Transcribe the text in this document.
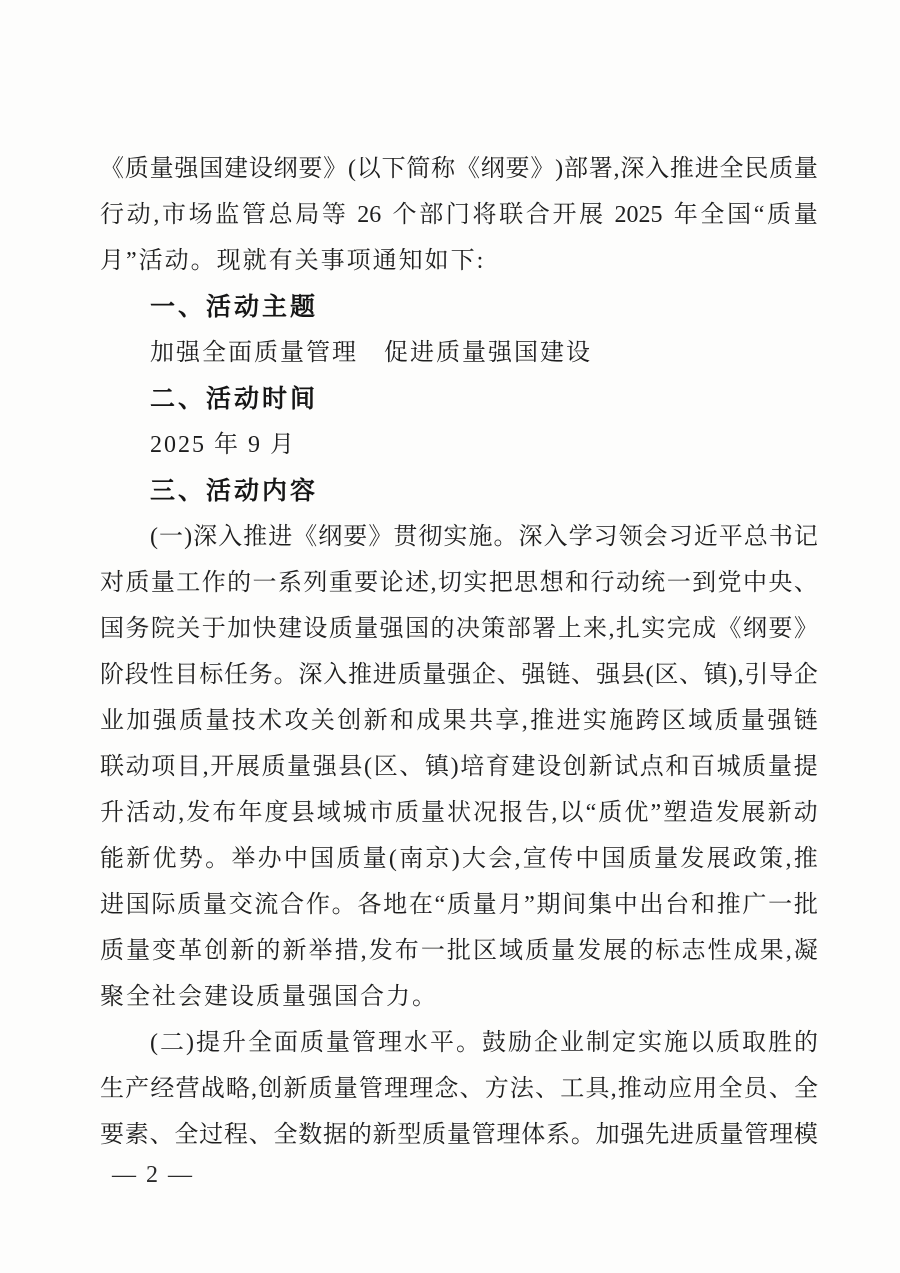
《 质 量 强 国 建 设 纲 要 》 ( 以 下 简 称 《 纲 要 》 ) 部 署 , 深 入 推 进 全 民 质 量
行 动 , 市 场 监 管 总 局 等
26
个 部 门 将 联 合 开 展
2025
年 全 国 “ 质 量
月”活动。现就有关事项通知如下:
一、活动主题
加强全面质量管理　促进质量强国建设
二、活动时间
2025 年 9 月
三、活动内容
( 一 ) 深 入 推 进 《 纲 要 》 贯 彻 实 施 。 深 入 学 习 领 会 习 近 平 总 书 记
对 质 量 工 作 的 一 系 列 重 要 论 述 , 切 实 把 思 想 和 行 动 统 一 到 党 中 央 、
国 务 院 关 于 加 快 建 设 质 量 强 国 的 决 策 部 署 上 来 , 扎 实 完 成 《 纲 要 》
阶 段 性 目 标 任 务 。 深 入 推 进 质 量 强 企 、 强 链 、 强 县 ( 区 、 镇 ) , 引 导 企
业 加 强 质 量 技 术 攻 关 创 新 和 成 果 共 享 , 推 进 实 施 跨 区 域 质 量 强 链
联 动 项 目 , 开 展 质 量 强 县 ( 区 、 镇 ) 培 育 建 设 创 新 试 点 和 百 城 质 量 提
升 活 动 , 发 布 年 度 县 域 城 市 质 量 状 况 报 告 , 以 “ 质 优 ” 塑 造 发 展 新 动
能 新 优 势 。 举 办 中 国 质 量 ( 南 京 ) 大 会 , 宣 传 中 国 质 量 发 展 政 策 , 推
进 国 际 质 量 交 流 合 作 。 各 地 在 “ 质 量 月 ” 期 间 集 中 出 台 和 推 广 一 批
质 量 变 革 创 新 的 新 举 措 , 发 布 一 批 区 域 质 量 发 展 的 标 志 性 成 果 , 凝
聚全社会建设质量强国合力。
( 二 ) 提 升 全 面 质 量 管 理 水 平 。 鼓 励 企 业 制 定 实 施 以 质 取 胜 的
生 产 经 营 战 略 , 创 新 质 量 管 理 理 念 、 方 法 、 工 具 , 推 动 应 用 全 员 、 全
要 素 、 全 过 程 、 全 数 据 的 新 型 质 量 管 理 体 系 。 加 强 先 进 质 量 管 理 模
— 2 —
